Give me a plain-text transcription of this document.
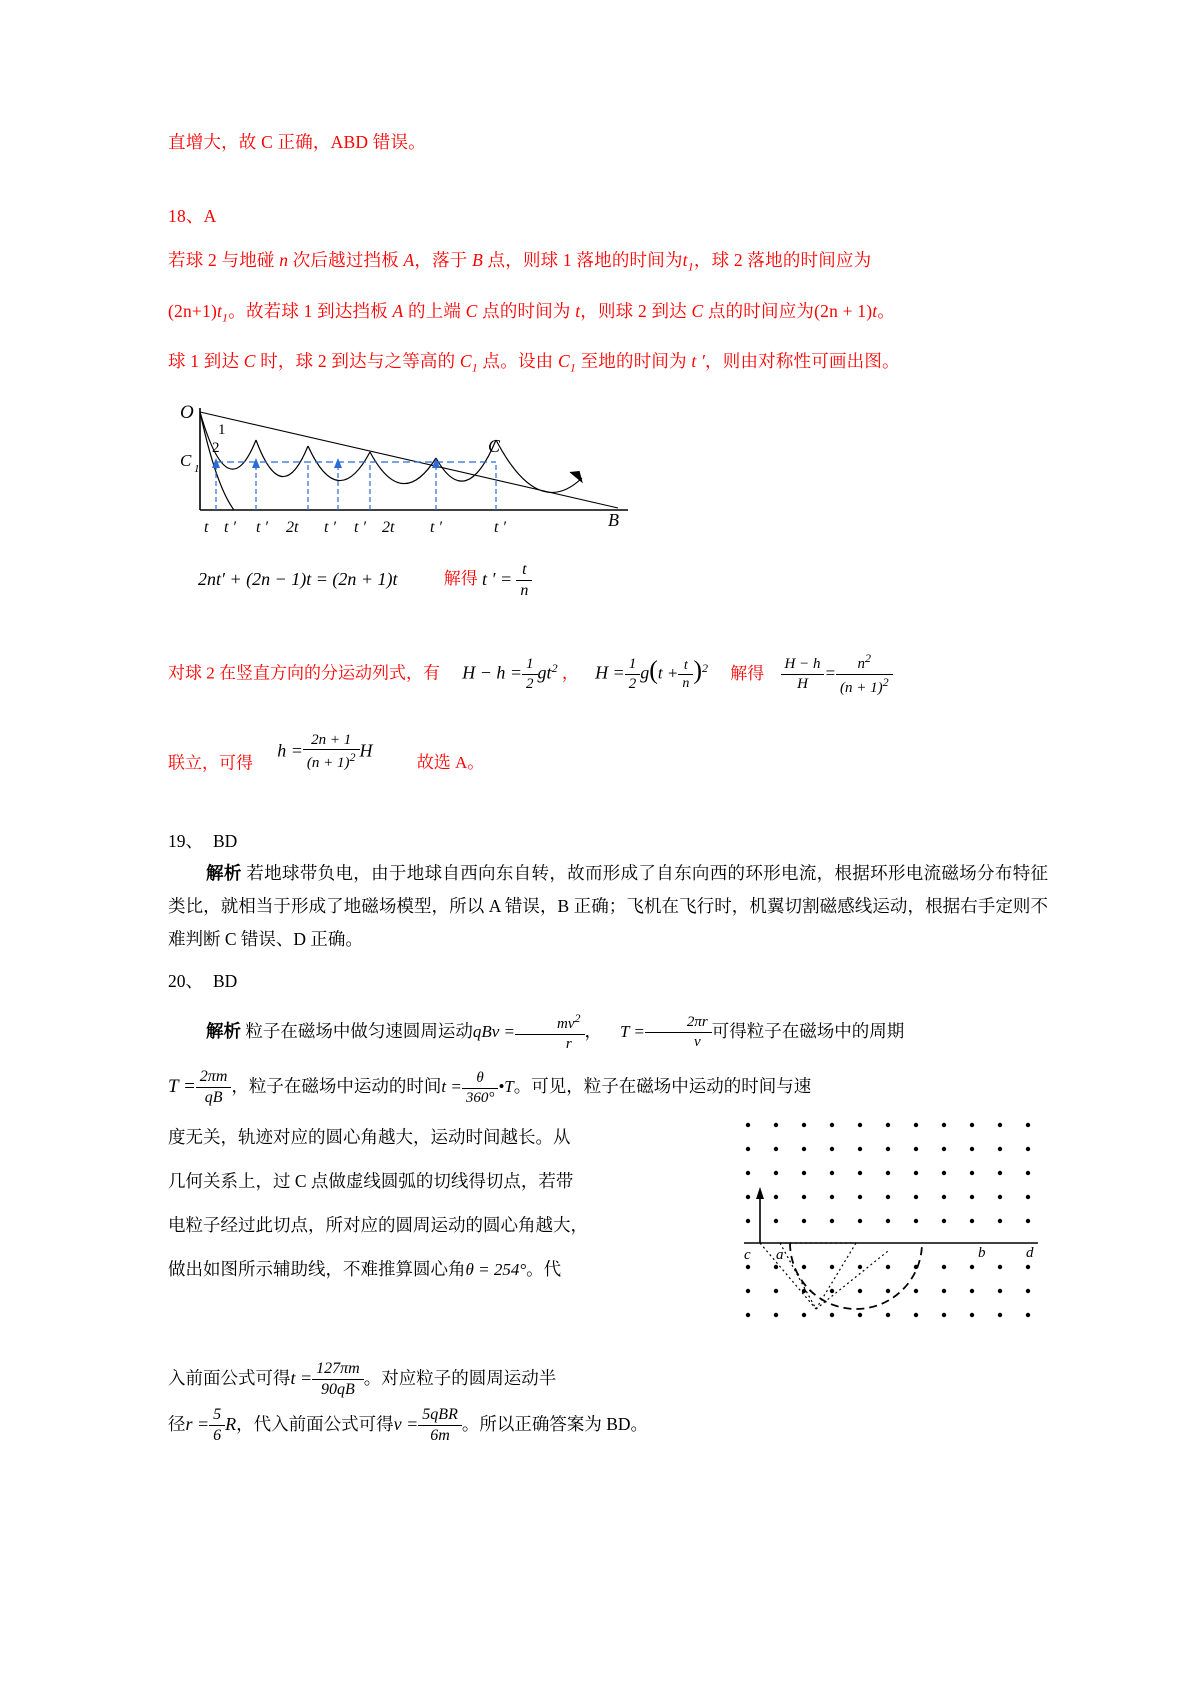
直增大，故 C 正确，ABD 错误。

18、A

若球 2 与地碰 n 次后越过挡板 A，落于 B 点，则球 1 落地的时间为$t_1$，球 2 落地的时间应为

$(2n+1)t_1$。故若球 1 到达挡板 A 的上端 C 点的时间为 t，则球 2 到达 C 点的时间应为(2n + 1)t。

球 1 到达 C 时，球 2 到达与之等高的 $C_1$ 点。设由 $C_1$ 至地的时间为 t ′，则由对称性可画出图。

O
1
2
C 1
C
B
t t ′ t ′ 2t t ′ t ′ 2t t ′	t ′
2nt′ + (2n − 1)t = (2n + 1)t	解得 t ′ = $\frac{t}{n}$
对球 2 在竖直方向的分运动列式，有 $H - h = \frac{1}{2} gt^2$ ， $H = \frac{1}{2} g(t + \frac{t}{n} )^2$ 解得 $\frac{H - h}{H} = \frac{n^2}{(n + 1)^2}$
联立，可得 $h = \frac{2n + 1}{(n + 1)^2}$ H 故选 A。

19、 BD

解析 若地球带负电，由于地球自西向东自转，故而形成了自东向西的环形电流，根据环形电流磁场分布特征类比，就相当于形成了地磁场模型，所以 A 错误，B 正确；飞机在飞行时，机翼切割磁感线运动，根据右手定则不难判断 C 错误、D 正确。

20、 BD

解析 粒子在磁场中做匀速圆周运动qBv = $\frac{mv^2}{r}$ ， $T = \frac{2\pi r}{v}$ 可得粒子在磁场中的周期

$T = \frac{2\pi m}{qB}$ ，粒子在磁场中运动的时间$t = \frac{\theta}{360^\circ}$ •T。可见，粒子在磁场中运动的时间与速

度无关，轨迹对应的圆心角越大，运动时间越长。从

几何关系上，过 C 点做虚线圆弧的切线得切点，若带

电粒子经过此切点，所对应的圆周运动的圆心角越大，

做出如图所示辅助线，不难推算圆心角θ = 254°。代

c a	b	d

入前面公式可得$t = \frac{127\pi m}{90qB}$ 。对应粒子的圆周运动半

径$r = \frac{5}{6}$ R，代入前面公式可得$v = \frac{\text{5qBR}}{6m}$ 。所以正确答案为 BD。
